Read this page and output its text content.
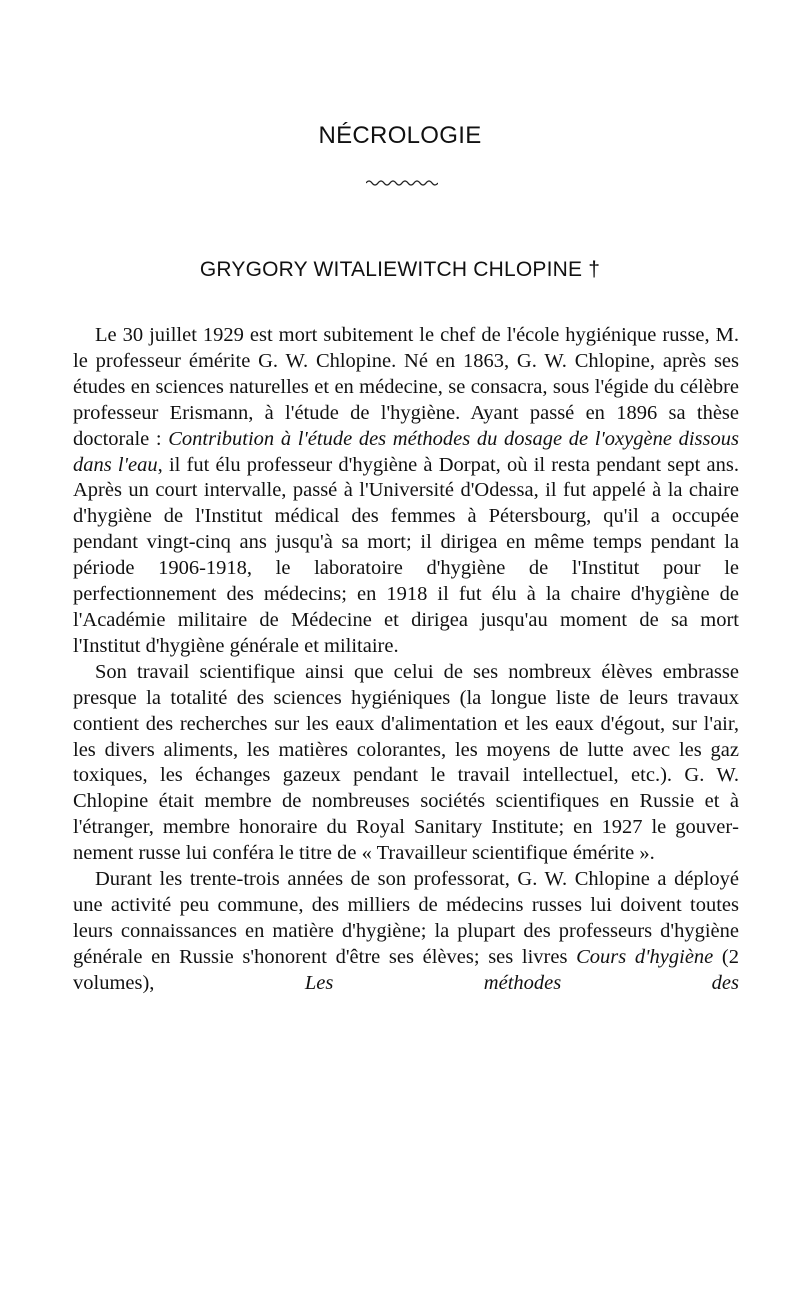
NÉCROLOGIE
GRYGORY WITALIEWITCH CHLOPINE †

Le 30 juillet 1929 est mort subitement le chef de l'école hygiénique russe, M. le professeur émérite G. W. Chlopine. Né en 1863, G. W. Chlopine, après ses études en sciences naturelles et en médecine, se consacra, sous l'égide du célèbre professeur Erismann, à l'étude de l'hygiène. Ayant passé en 1896 sa thèse doctorale : Contribution à l'étude des méthodes du dosage de l'oxygène dissous dans l'eau, il fut élu professeur d'hygiène à Dorpat, où il resta pendant sept ans. Après un court intervalle, passé à l'Université d'Odessa, il fut appelé à la chaire d'hygiène de l'Institut médical des femmes à Pétersbourg, qu'il a occupée pendant vingt-cinq ans jusqu'à sa mort; il dirigea en même temps pendant la période 1906-1918, le laboratoire d'hygiène de l'Institut pour le perfectionnement des médecins; en 1918 il fut élu à la chaire d'hygiène de l'Académie militaire de Médecine et dirigea jusqu'au moment de sa mort l'Institut d'hygiène générale et militaire.

Son travail scientifique ainsi que celui de ses nombreux élèves embrasse presque la totalité des sciences hygiéniques (la longue liste de leurs travaux contient des recherches sur les eaux d'alimentation et les eaux d'égout, sur l'air, les divers aliments, les matières colorantes, les moyens de lutte avec les gaz toxiques, les échanges gazeux pendant le travail intellectuel, etc.). G. W. Chlopine était membre de nombreuses sociétés scientifiques en Russie et à l'étranger, membre honoraire du Royal Sanitary Institute; en 1927 le gouvernement russe lui conféra le titre de « Travailleur scientifique émérite ».

Durant les trente-trois années de son professorat, G. W. Chlopine a déployé une activité peu commune, des milliers de médecins russes lui doivent toutes leurs connaissances en matière d'hygiène; la plupart des professeurs d'hygiène générale en Russie s'honorent d'être ses élèves; ses livres Cours d'hygiène (2 volumes), Les méthodes des
